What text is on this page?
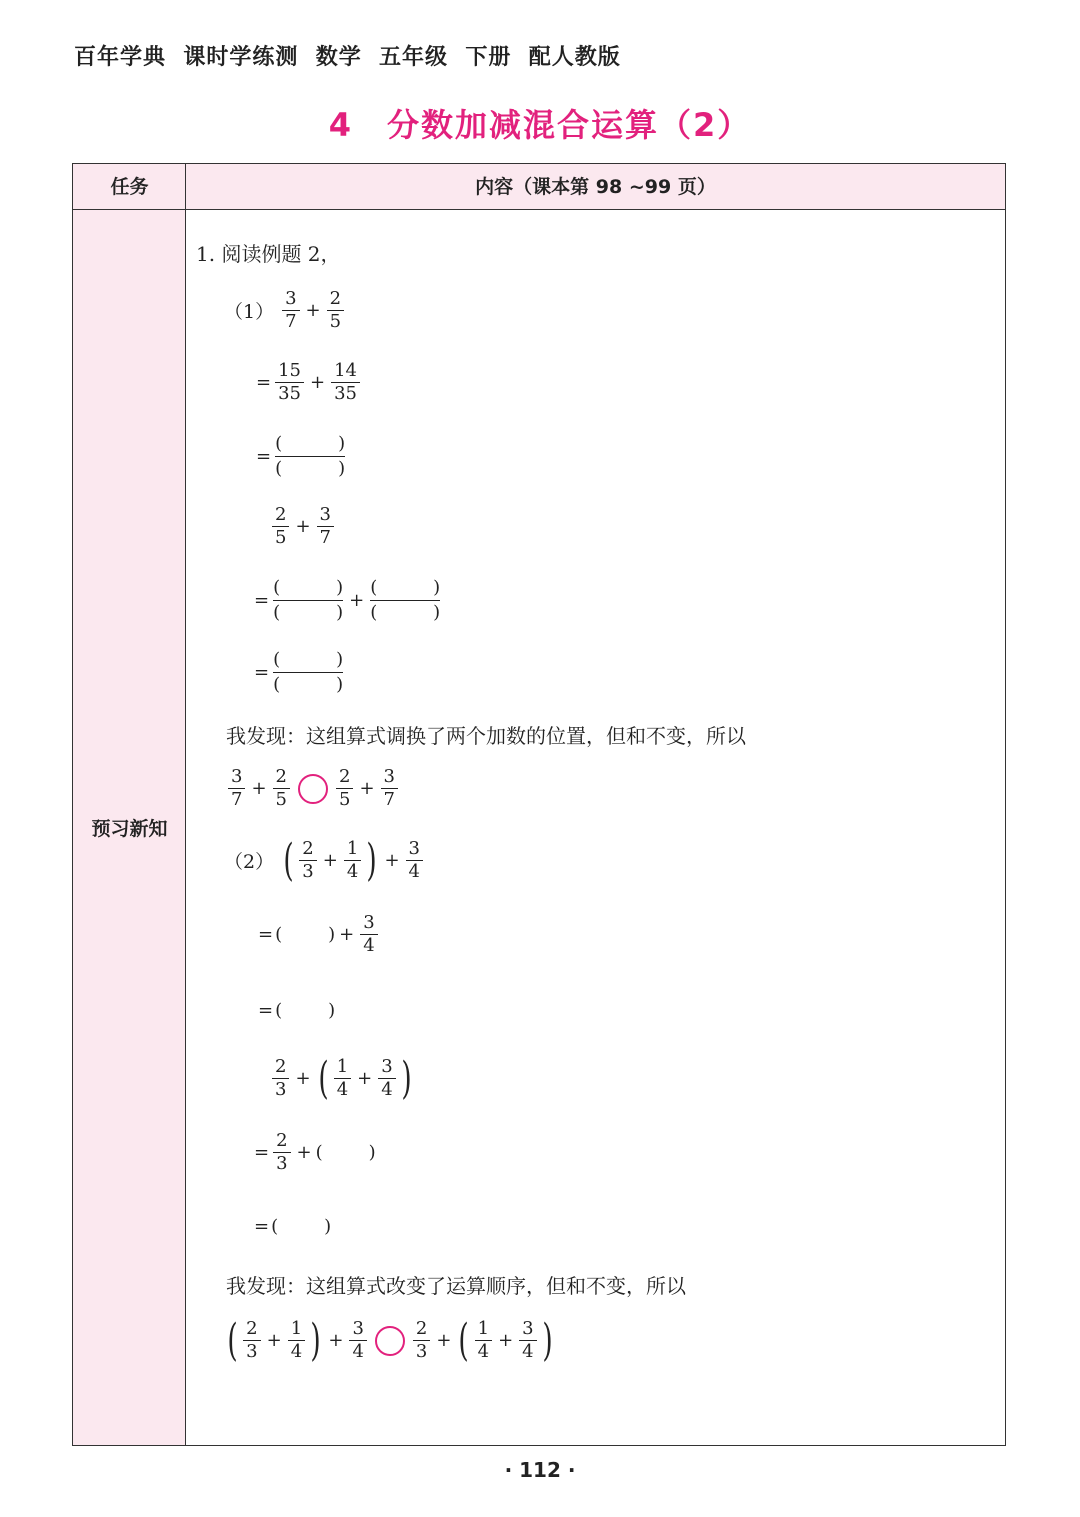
百年学典 课时学练测 数学 五年级 下册 配人教版
4　分数加减混合运算（2）
任务	内容（课本第 98 ~99 页）
预习新知
1. 阅读例题 2，
$(1) \frac{3}{7} + \frac{2}{5}$
= $\frac{15}{35} + \frac{14}{35}$
= (	)
(	)
$\frac{2}{5} + \frac{3}{7}$
= (	)
(	) + (	)
(	)
= (	)
(	)
我发现：这组算式调换了两个加数的位置，但和不变，所以
$\frac{3}{7} + \frac{2}{5}$	$\frac{2}{5} + \frac{3}{7}$
（2） ( $\frac{2}{3} + \frac{1}{4}$ ) + $\frac{3}{4}$
= (	) + $\frac{3}{4}$
= (	)
$\frac{2}{3}$ + ( $\frac{1}{4} + \frac{3}{4}$ )
= $\frac{2}{3}$ + (	)
= (	)
我发现：这组算式改变了运算顺序，但和不变，所以
( $\frac{2}{3} + \frac{1}{4}$ ) + $\frac{3}{4}$	$\frac{2}{3}$ + ( $\frac{1}{4} + \frac{3}{4}$ )
· 112 ·
